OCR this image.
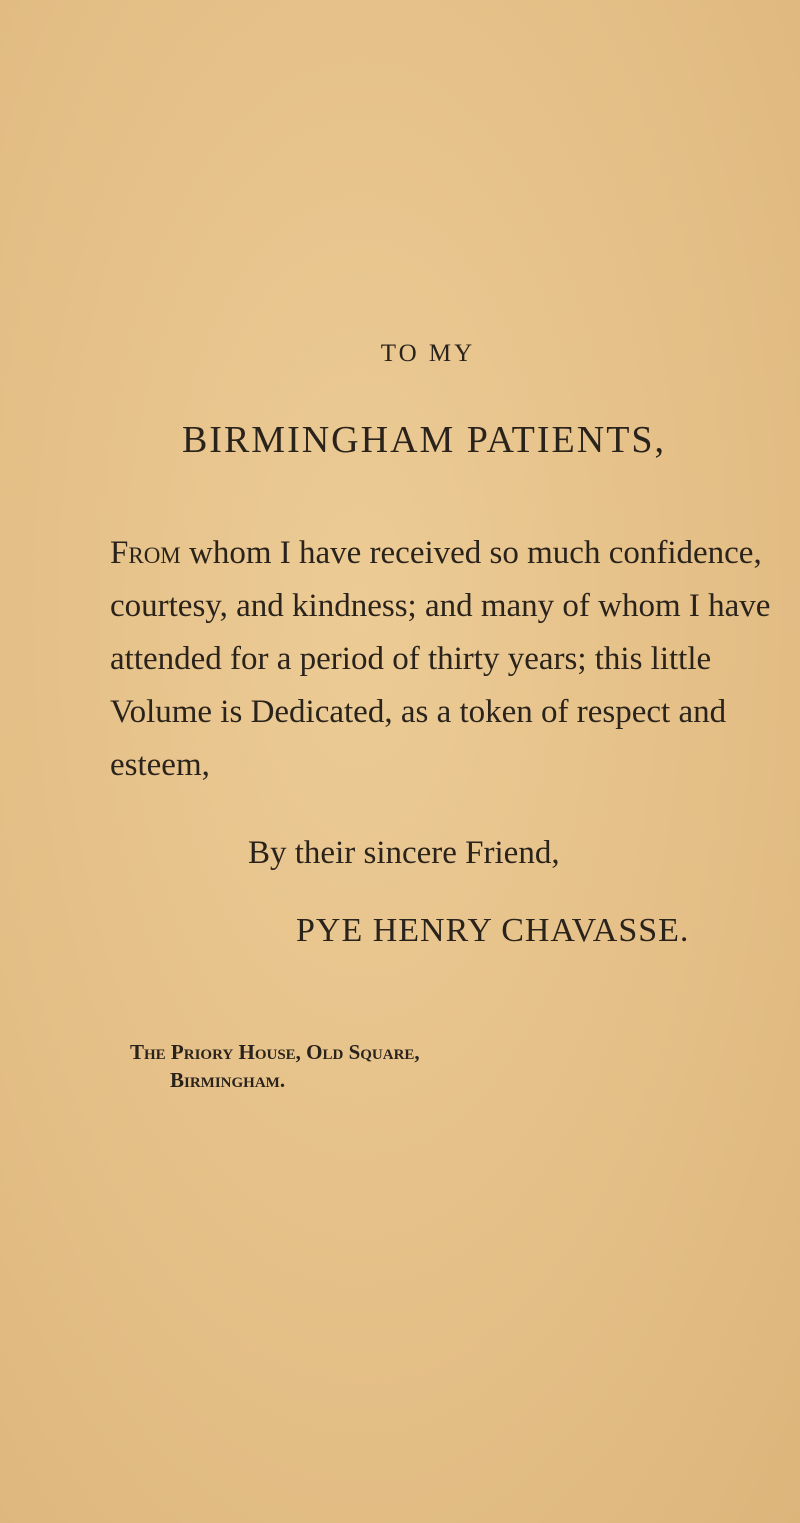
TO MY
BIRMINGHAM PATIENTS,
From whom I have received so much confidence,
courtesy, and kindness; and many of whom I have
attended for a period of thirty years; this little
Volume is Dedicated, as a token of respect and
esteem,
By their sincere Friend,
PYE HENRY CHAVASSE.
The Priory House, Old Square,
Birmingham.
